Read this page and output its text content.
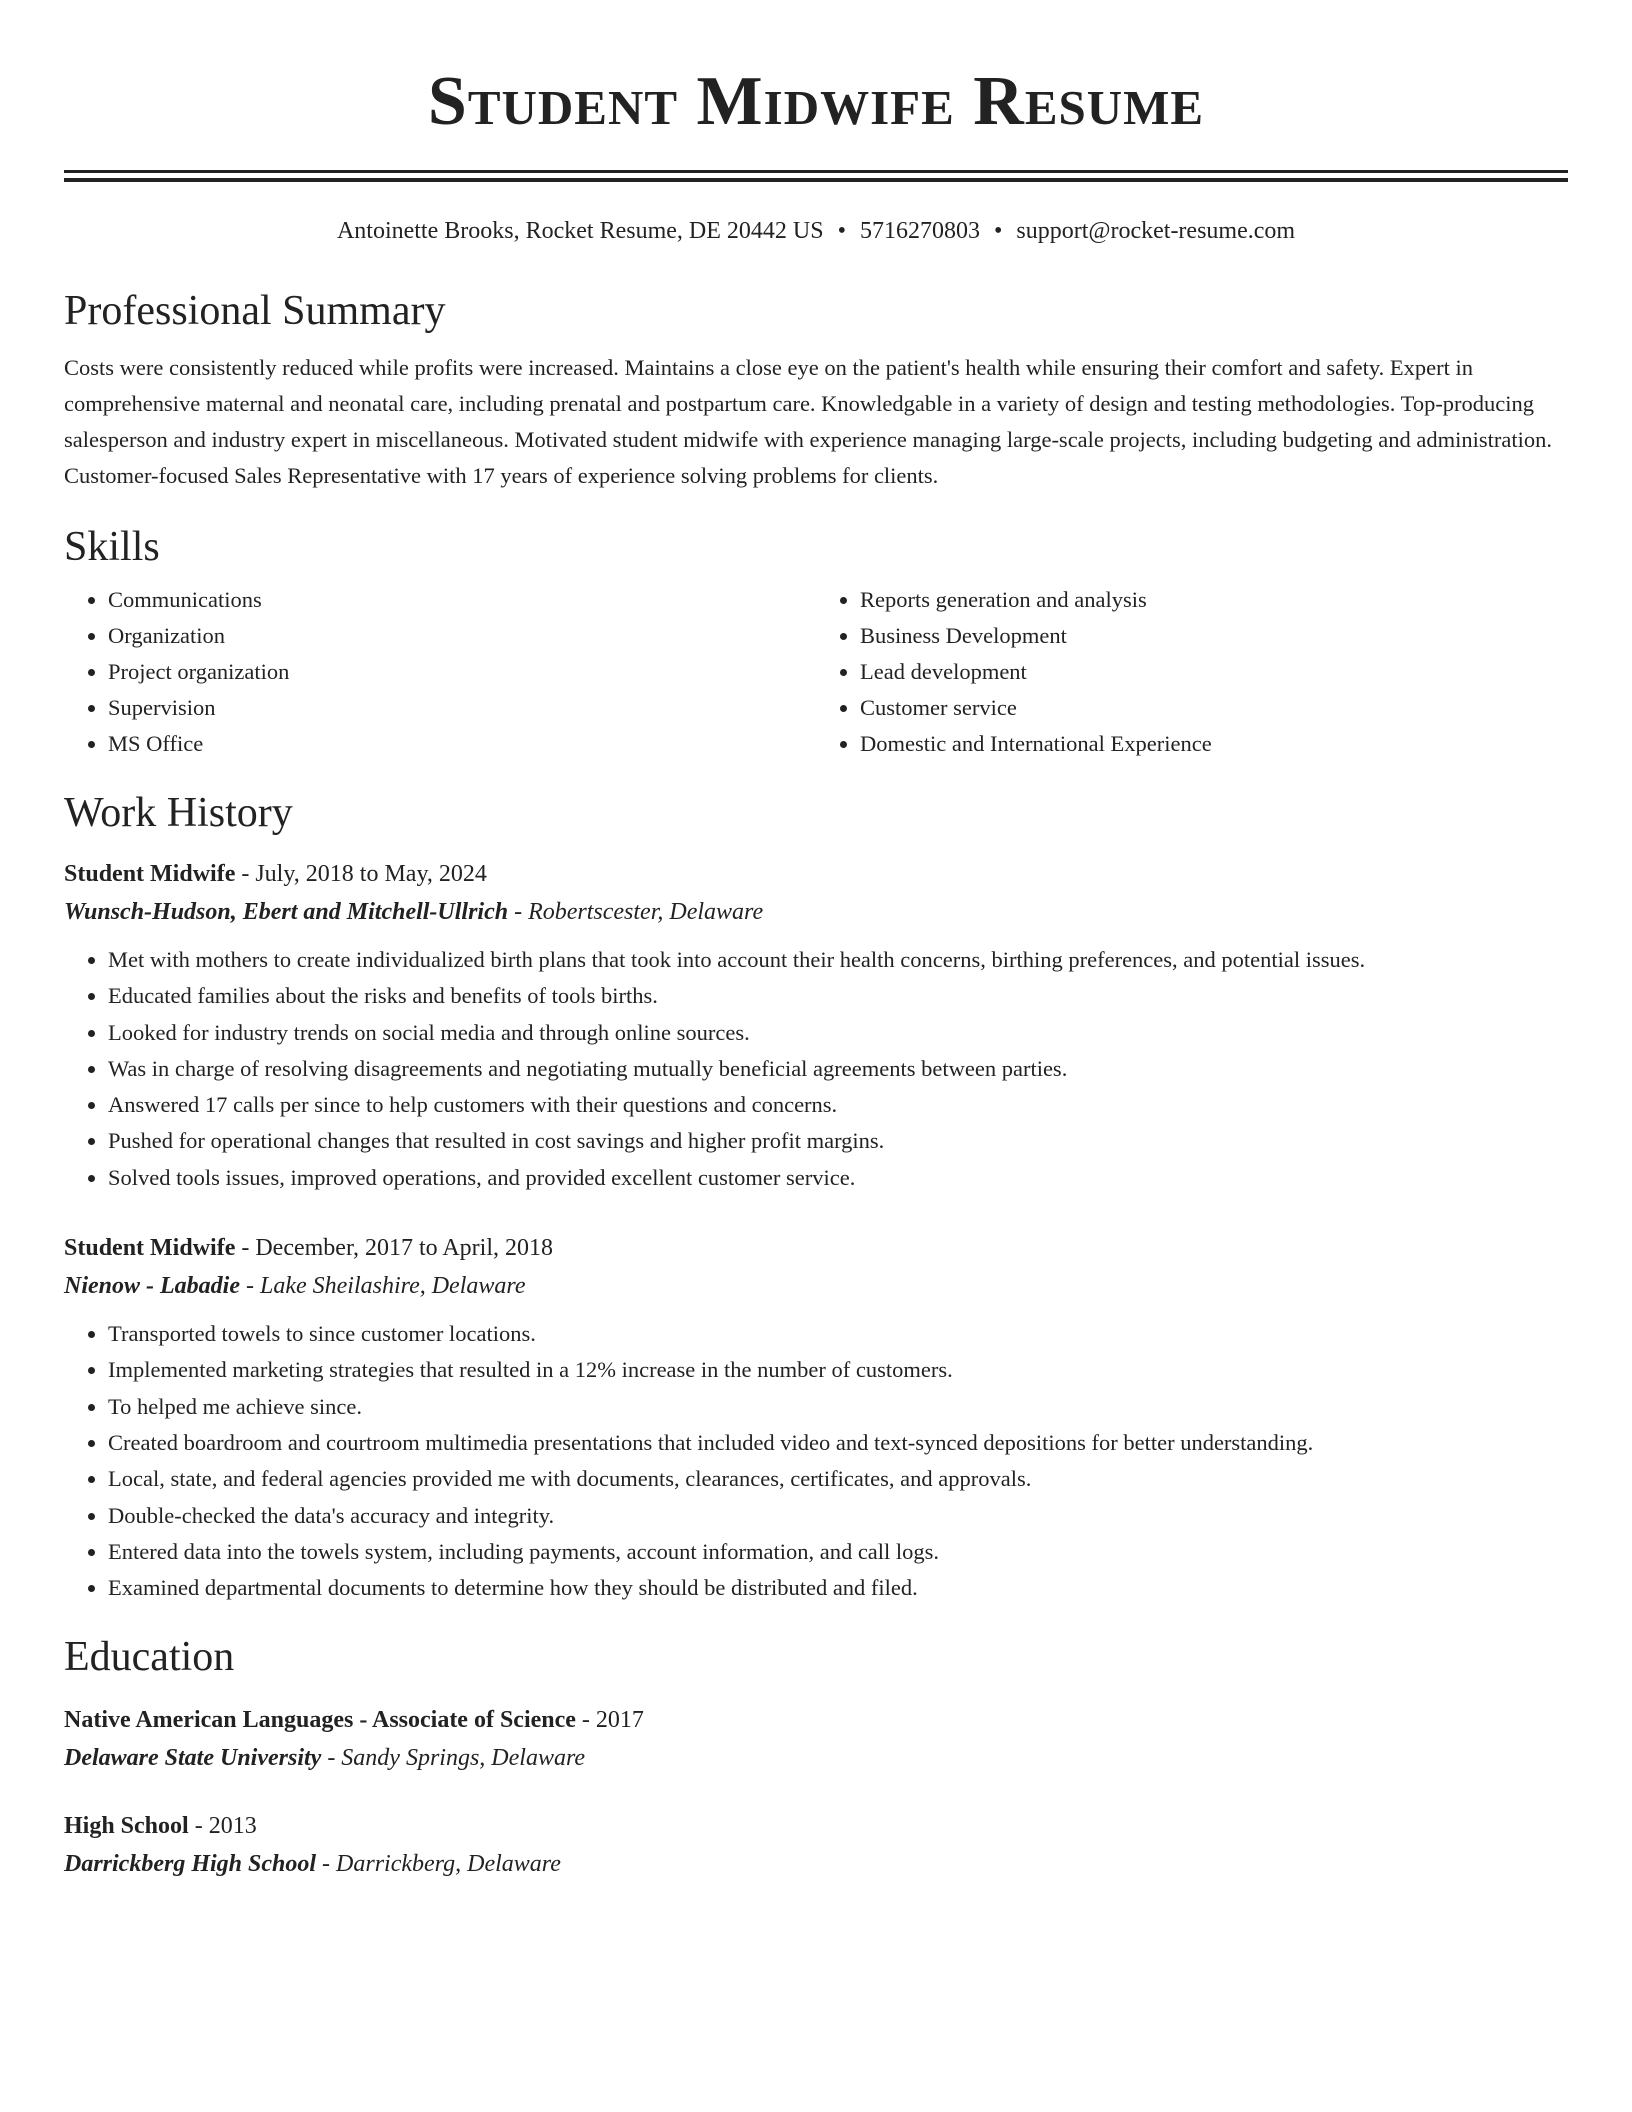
Student Midwife Resume
Antoinette Brooks, Rocket Resume, DE 20442 US • 5716270803 • support@rocket-resume.com
Professional Summary

Costs were consistently reduced while profits were increased. Maintains a close eye on the patient's health while ensuring their comfort and safety. Expert in comprehensive maternal and neonatal care, including prenatal and postpartum care. Knowledgable in a variety of design and testing methodologies. Top-producing salesperson and industry expert in miscellaneous. Motivated student midwife with experience managing large-scale projects, including budgeting and administration. Customer-focused Sales Representative with 17 years of experience solving problems for clients.

Skills
• Communications
• Organization
• Project organization
• Supervision
• MS Office
• Reports generation and analysis
• Business Development
• Lead development
• Customer service
• Domestic and International Experience
Work History
Student Midwife - July, 2018 to May, 2024
Wunsch-Hudson, Ebert and Mitchell-Ullrich - Robertscester, Delaware
• Met with mothers to create individualized birth plans that took into account their health concerns, birthing preferences, and potential issues.
• Educated families about the risks and benefits of tools births.
• Looked for industry trends on social media and through online sources.
• Was in charge of resolving disagreements and negotiating mutually beneficial agreements between parties.
• Answered 17 calls per since to help customers with their questions and concerns.
• Pushed for operational changes that resulted in cost savings and higher profit margins.
• Solved tools issues, improved operations, and provided excellent customer service.
Student Midwife - December, 2017 to April, 2018
Nienow - Labadie - Lake Sheilashire, Delaware
• Transported towels to since customer locations.
• Implemented marketing strategies that resulted in a 12% increase in the number of customers.
• To helped me achieve since.
• Created boardroom and courtroom multimedia presentations that included video and text-synced depositions for better understanding.
• Local, state, and federal agencies provided me with documents, clearances, certificates, and approvals.
• Double-checked the data's accuracy and integrity.
• Entered data into the towels system, including payments, account information, and call logs.
• Examined departmental documents to determine how they should be distributed and filed.
Education
Native American Languages - Associate of Science - 2017
Delaware State University - Sandy Springs, Delaware
High School - 2013
Darrickberg High School - Darrickberg, Delaware
